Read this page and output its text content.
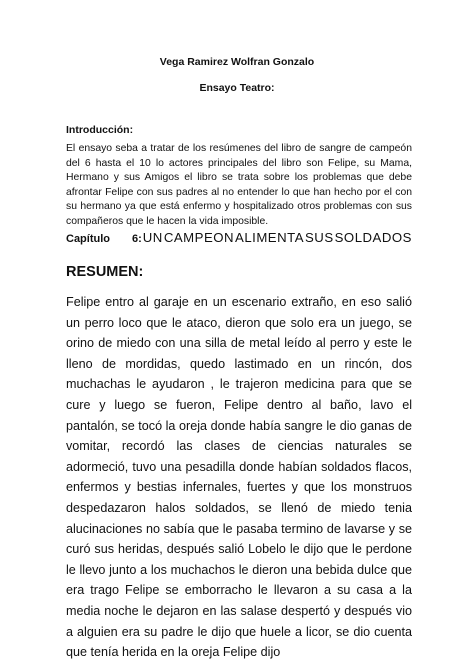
Vega Ramirez Wolfran Gonzalo
Ensayo Teatro:
Introducción:

El ensayo seba a tratar de los resúmenes del libro de sangre de campeón del 6 hasta el 10 lo actores principales del libro son Felipe, su Mama, Hermano y sus Amigos el libro se trata sobre los problemas que debe afrontar Felipe con sus padres al no entender lo que han hecho por el con su hermano ya que está enfermo y hospitalizado otros problemas con sus compañeros que le hacen la vida imposible.

Capítulo 6: UN CAMPEON ALIMENTA SUS SOLDADOS
RESUMEN:

Felipe entro al garaje en un escenario extraño, en eso salió un perro loco que le ataco, dieron que solo era un juego, se orino de miedo con una silla de metal leído al perro y este le lleno de mordidas, quedo lastimado en un rincón, dos muchachas le ayudaron , le trajeron medicina para que se cure y luego se fueron, Felipe dentro al baño, lavo el pantalón, se tocó la oreja donde había sangre le dio ganas de vomitar, recordó las clases de ciencias naturales se adormeció, tuvo una pesadilla donde habían soldados flacos, enfermos y bestias infernales, fuertes y que los monstruos despedazaron halos soldados, se llenó de miedo tenia alucinaciones no sabía que le pasaba termino de lavarse y se curó sus heridas, después salió Lobelo le dijo que le perdone le llevo junto a los muchachos le dieron una bebida dulce que era trago Felipe se emborracho le llevaron a su casa a la media noche le dejaron en las salase despertó y después vio a alguien era su padre le dijo que huele a licor, se dio cuenta que tenía herida en la oreja Felipe dijo
